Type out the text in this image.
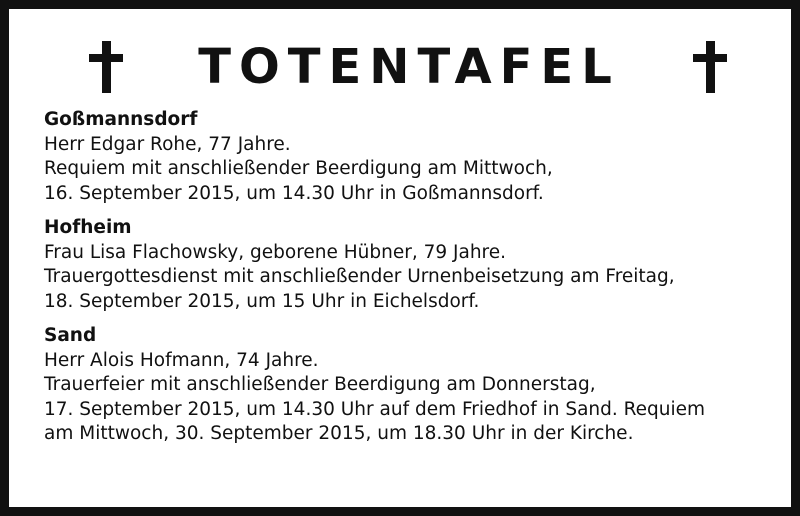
TOTENTAFEL
Goßmannsdorf
Herr Edgar Rohe, 77 Jahre.
Requiem mit anschließender Beerdigung am Mittwoch,
16. September 2015, um 14.30 Uhr in Goßmannsdorf.
Hofheim
Frau Lisa Flachowsky, geborene Hübner, 79 Jahre.
Trauergottesdienst mit anschließender Urnenbeisetzung am Freitag,
18. September 2015, um 15 Uhr in Eichelsdorf.
Sand
Herr Alois Hofmann, 74 Jahre.
Trauerfeier mit anschließender Beerdigung am Donnerstag,
17. September 2015, um 14.30 Uhr auf dem Friedhof in Sand. Requiem
am Mittwoch, 30. September 2015, um 18.30 Uhr in der Kirche.
